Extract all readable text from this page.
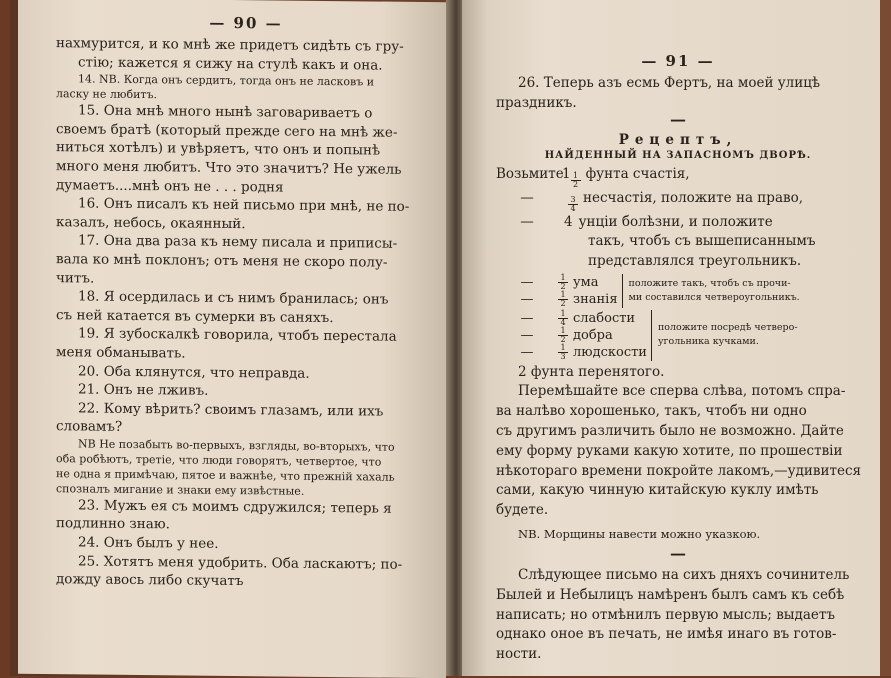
— 90 —
нахмурится, и ко мнѣ же придетъ сидѣть съ гру-
стію; кажется я сижу на стулѣ какъ и она.
14. NB. Когда онъ сердитъ, тогда онъ не ласковъ и
ласку не любитъ.
15. Она мнѣ много нынѣ заговариваетъ о
своемъ братѣ (который прежде сего на мнѣ же-
ниться хотѣлъ) и увѣряетъ, что онъ и попынѣ
много меня любитъ. Что это значитъ? Не ужель
думаетъ....мнѣ онъ не . . . родня
16. Онъ писалъ къ ней письмо при мнѣ, не по-
казалъ, небось, окаянный.
17. Она два раза къ нему писала и приписы-
вала ко мнѣ поклонъ; отъ меня не скоро полу-
читъ.
18. Я осердилась и съ нимъ бранилась; онъ
съ ней катается въ сумерки въ саняхъ.
19. Я зубоскалкѣ говорила, чтобъ перестала
меня обманывать.
20. Оба клянутся, что неправда.
21. Онъ не лживъ.
22. Кому вѣрить? своимъ глазамъ, или ихъ
словамъ?
NB Не позабыть во-первыхъ, взгляды, во-вторыхъ, что
оба робѣютъ, третіе, что люди говорятъ, четвертое, что
не одна я примѣчаю, пятое и важнѣе, что прежній хахаль
спозналъ мигание и знаки ему извѣстные.
23. Мужъ ея съ моимъ сдружился; теперь я
подлинно знаю.
24. Онъ былъ у нее.
25. Хотятъ меня удобрить. Оба ласкаютъ; по-
дожду авось либо скучатъ
— 91 —
26. Теперь азъ есмь Фертъ, на моей улицѣ
праздникъ.
—
Рецептъ,
НАЙДЕННЫЙ НА ЗАПАСНОМЪ ДВОРѢ.
Возьмите
$1 \frac{1}{2}$ фунта счастія,
—	$\frac{3}{4}$ несчастія, положите на право,
—	4 унціи болѣзни, и положите
такъ, чтобъ съ вышеписаннымъ
представлялся треугольникъ.
—	$\frac{1}{2}$ ума
—	$\frac{1}{2}$ знанія
положите такъ, чтобъ съ прочи-
ми составился четвероугольникъ.
—	$\frac{1}{4}$ слабости
—	$\frac{1}{2}$ добра
—	$\frac{1}{3}$ людскости
положите посредѣ четверо-
угольника кучками.
2 фунта перенятого.
Перемѣшайте все сперва слѣва, потомъ спра-
ва налѣво хорошенько, такъ, чтобъ ни одно
съ другимъ различить было не возможно. Дайте
ему форму руками какую хотите, по прошествіи
нѣкотораго времени покройте лакомъ,—удивитеся
сами, какую чинную китайскую куклу имѣть
будете.
NB. Морщины навести можно указкою.
—
Слѣдующее письмо на сихъ дняхъ сочинитель
Былей и Небылицъ намѣренъ былъ самъ къ себѣ
написать; но отмѣнилъ первую мысль; выдаетъ
однако оное въ печать, не имѣя инаго въ готов-
ности.
